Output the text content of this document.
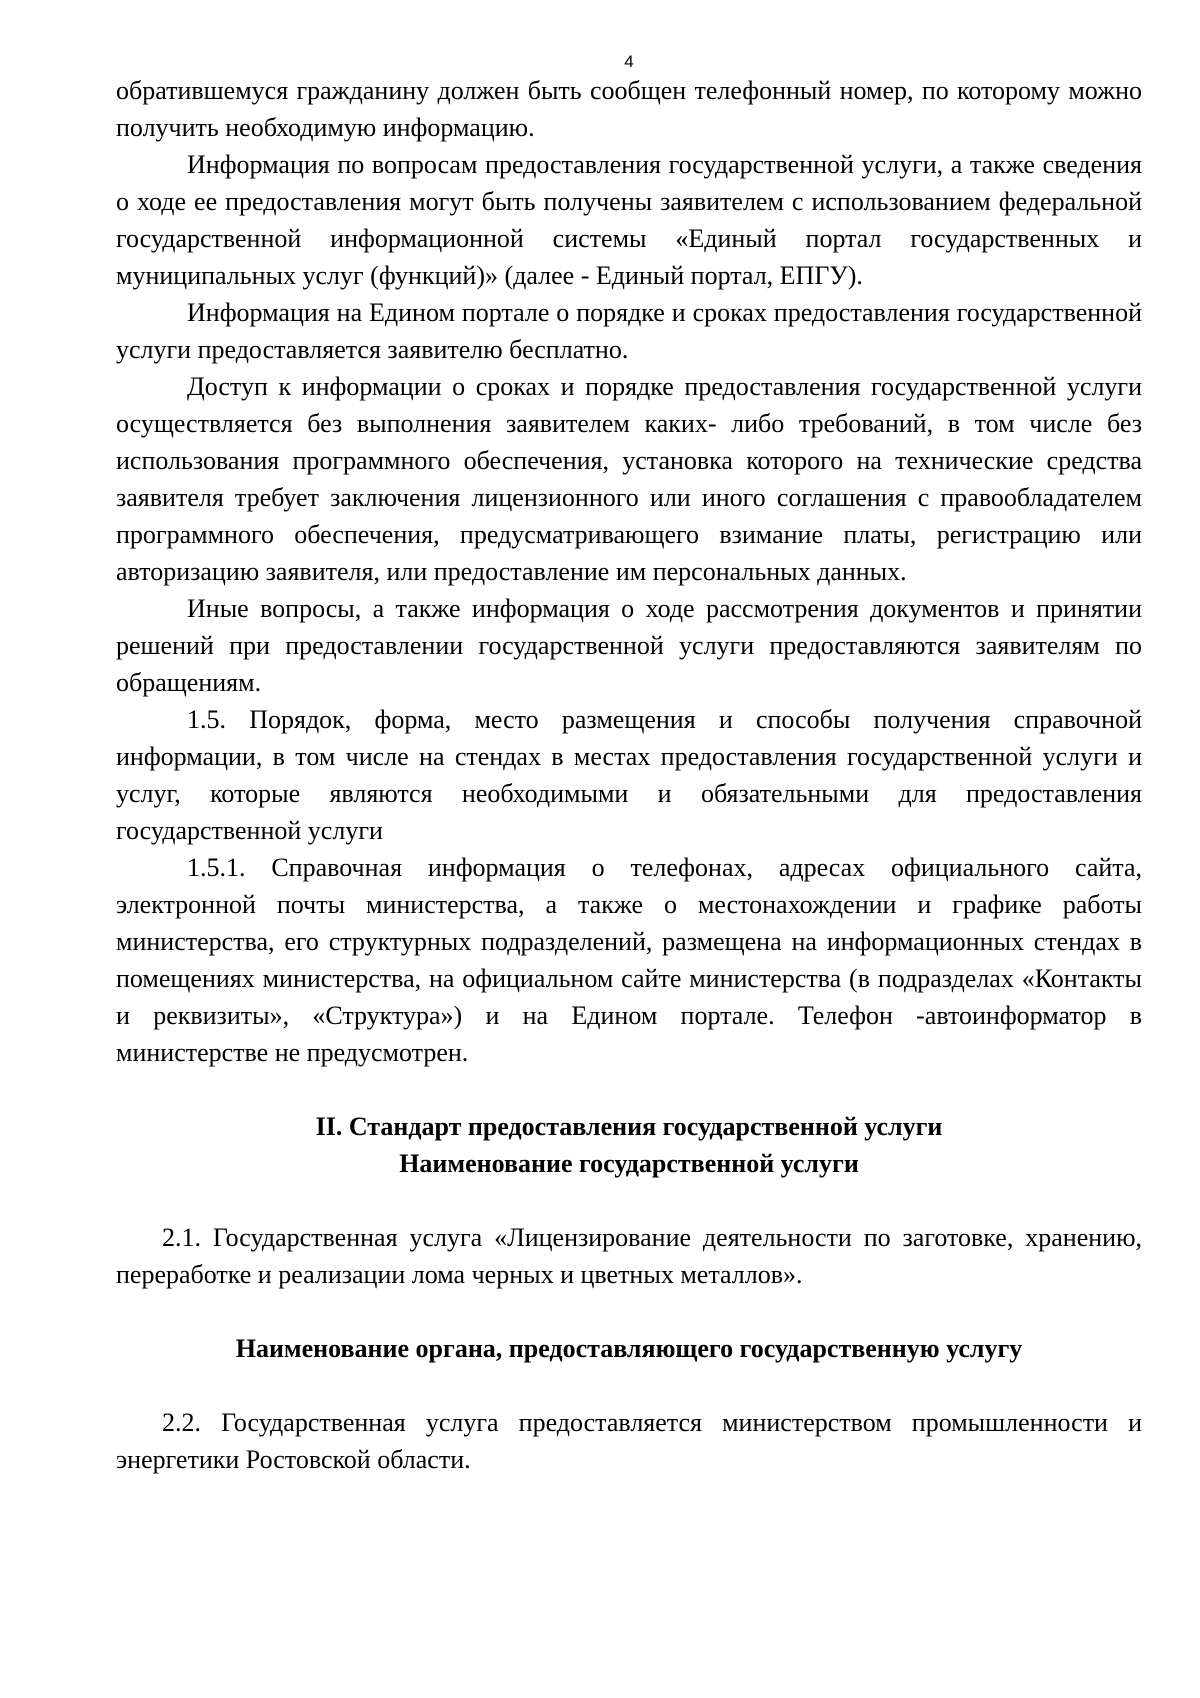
4

обратившемуся гражданину должен быть сообщен телефонный номер, по которому можно получить необходимую информацию.

Информация по вопросам предоставления государственной услуги, а также сведения о ходе ее предоставления могут быть получены заявителем с использованием федеральной государственной информационной системы «Единый портал государственных и муниципальных услуг (функций)» (далее - Единый портал, ЕПГУ).

Информация на Едином портале о порядке и сроках предоставления государственной услуги предоставляется заявителю бесплатно.

Доступ к информации о сроках и порядке предоставления государственной услуги осуществляется без выполнения заявителем каких- либо требований, в том числе без использования программного обеспечения, установка которого на технические средства заявителя требует заключения лицензионного или иного соглашения с правообладателем программного обеспечения, предусматривающего взимание платы, регистрацию или авторизацию заявителя, или предоставление им персональных данных.

Иные вопросы, а также информация о ходе рассмотрения документов и принятии решений при предоставлении государственной услуги предоставляются заявителям по обращениям.

1.5. Порядок, форма, место размещения и способы получения справочной информации, в том числе на стендах в местах предоставления государственной услуги и услуг, которые являются необходимыми и обязательными для предоставления государственной услуги

1.5.1. Справочная информация о телефонах, адресах официального сайта, электронной почты министерства, а также о местонахождении и графике работы министерства, его структурных подразделений, размещена на информационных стендах в помещениях министерства, на официальном сайте министерства (в подразделах «Контакты и реквизиты», «Структура») и на Едином портале. Телефон -автоинформатор в министерстве не предусмотрен.

II. Стандарт предоставления государственной услуги
Наименование государственной услуги

2.1. Государственная услуга «Лицензирование деятельности по заготовке, хранению, переработке и реализации лома черных и цветных металлов».

Наименование органа, предоставляющего государственную услугу

2.2. Государственная услуга предоставляется министерством промышленности и энергетики Ростовской области.
